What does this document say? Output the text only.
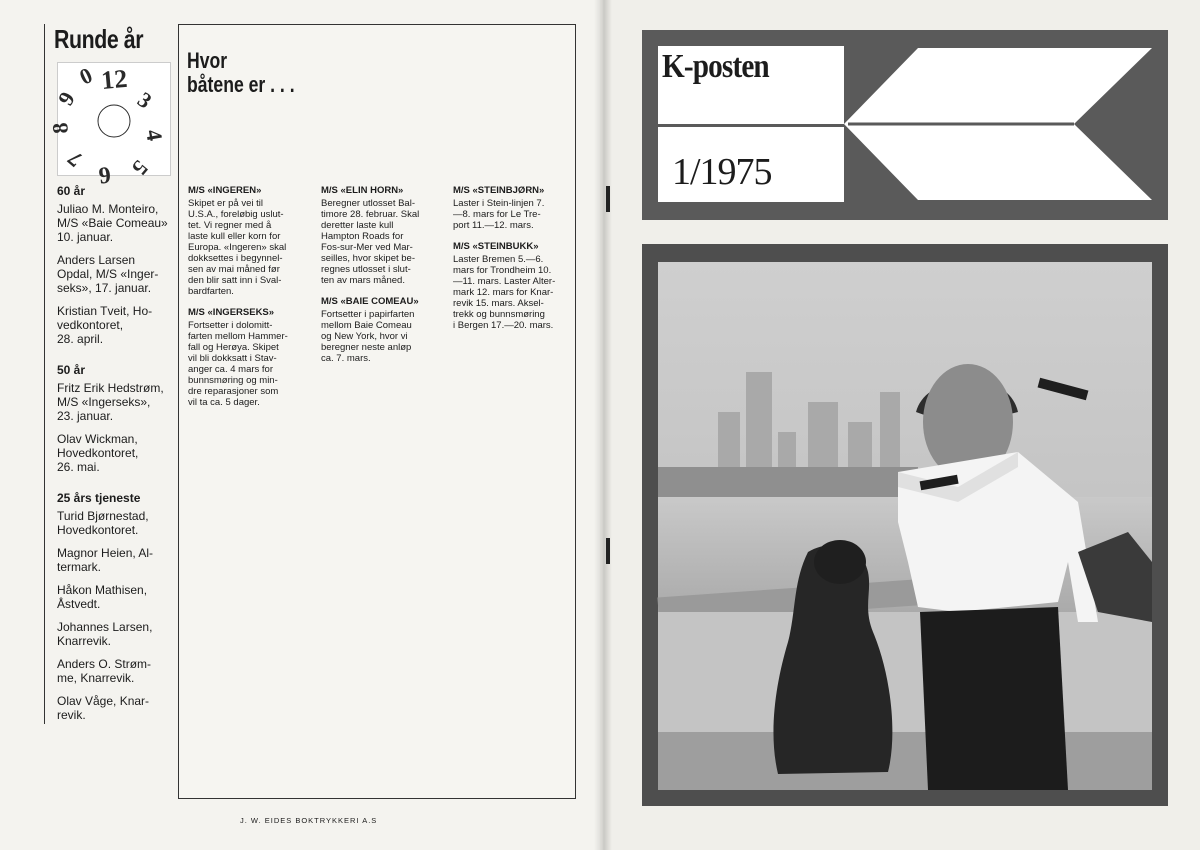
Runde år
12
3
4
5
6
7
8
9
0
60 år
Juliao M. Monteiro,
M/S «Baie Comeau»
10. januar.
Anders Larsen
Opdal, M/S «Inger-
seks», 17. januar.
Kristian Tveit, Ho-
vedkontoret,
28. april.
50 år
Fritz Erik Hedstrøm,
M/S «Ingerseks»,
23. januar.
Olav Wickman,
Hovedkontoret,
26. mai.
25 års tjeneste
Turid Bjørnestad,
Hovedkontoret.
Magnor Heien, Al-
termark.
Håkon Mathisen,
Åstvedt.
Johannes Larsen,
Knarrevik.
Anders O. Strøm-
me, Knarrevik.
Olav Våge, Knar-
revik.
Hvor
båtene er . . .
M/S «INGEREN»
Skipet er på vei til
U.S.A., foreløbig uslut-
tet. Vi regner med å
laste kull eller korn for
Europa. «Ingeren» skal
dokksettes i begynnel-
sen av mai måned før
den blir satt inn i Sval-
bardfarten.
M/S «INGERSEKS»
Fortsetter i dolomitt-
farten mellom Hammer-
fall og Herøya. Skipet
vil bli dokksatt i Stav-
anger ca. 4 mars for
bunnsmøring og min-
dre reparasjoner som
vil ta ca. 5 dager.
M/S «ELIN HORN»
Beregner utlosset Bal-
timore 28. februar. Skal
deretter laste kull
Hampton Roads for
Fos-sur-Mer ved Mar-
seilles, hvor skipet be-
regnes utlosset i slut-
ten av mars måned.
M/S «BAIE COMEAU»
Fortsetter i papirfarten
mellom Baie Comeau
og New York, hvor vi
beregner neste anløp
ca. 7. mars.
M/S «STEINBJØRN»
Laster i Stein-linjen 7.
—8. mars for Le Tre-
port 11.—12. mars.
M/S «STEINBUKK»
Laster Bremen 5.—6.
mars for Trondheim 10.
—11. mars. Laster Alter-
mark 12. mars for Knar-
revik 15. mars. Aksel-
trekk og bunnsmøring
i Bergen 17.—20. mars.
J. W. EIDES BOKTRYKKERI A.S
K-posten
1/1975
